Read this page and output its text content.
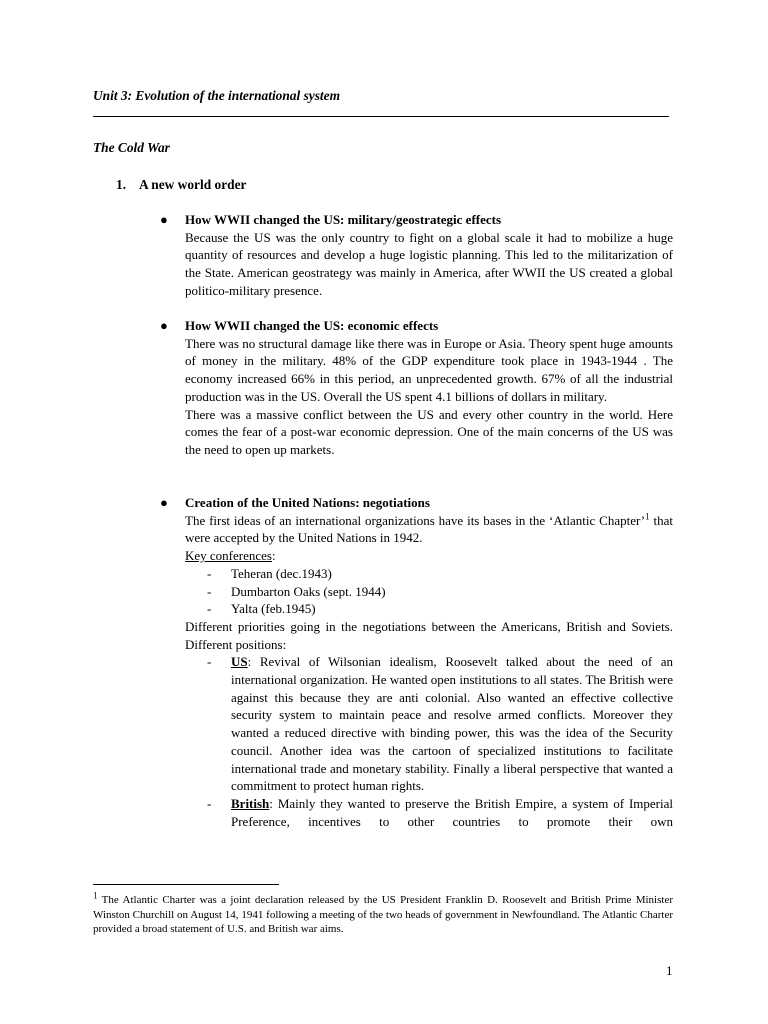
Unit 3: Evolution of the international system
The Cold War
1. A new world order
● How WWII changed the US: military/geostrategic effects

Because the US was the only country to fight on a global scale it had to mobilize a huge quantity of resources and develop a huge logistic planning. This led to the militarization of the State. American geostrategy was mainly in America, after WWII the US created a global politico-military presence.

● How WWII changed the US: economic effects

There was no structural damage like there was in Europe or Asia. Theory spent huge amounts of money in the military. 48% of the GDP expenditure took place in 1943-1944 . The economy increased 66% in this period, an unprecedented growth. 67% of all the industrial production was in the US. Overall the US spent 4.1 billions of dollars in military.

There was a massive conflict between the US and every other country in the world. Here comes the fear of a post-war economic depression. One of the main concerns of the US was the need to open up markets.

● Creation of the United Nations: negotiations

The first ideas of an international organizations have its bases in the ‘Atlantic Chapter’$^1$ that were accepted by the United Nations in 1942.

Key conferences:
- Teheran (dec.1943)
- Dumbarton Oaks (sept. 1944)
- Yalta (feb.1945)

Different priorities going in the negotiations between the Americans, British and Soviets. Different positions:

- US: Revival of Wilsonian idealism, Roosevelt talked about the need of an international organization. He wanted open institutions to all states. The British were against this because they are anti colonial. Also wanted an effective collective security system to maintain peace and resolve armed conflicts. Moreover they wanted a reduced directive with binding power, this was the idea of the Security council. Another idea was the cartoon of specialized institutions to facilitate international trade and monetary stability. Finally a liberal perspective that wanted a commitment to protect human rights.
- British: Mainly they wanted to preserve the British Empire, a system of Imperial Preference, incentives to other countries to promote their own
$^1$ The Atlantic Charter was a joint declaration released by the US President Franklin D. Roosevelt and British Prime Minister Winston Churchill on August 14, 1941 following a meeting of the two heads of government in Newfoundland. The Atlantic Charter provided a broad statement of U.S. and British war aims.
1
